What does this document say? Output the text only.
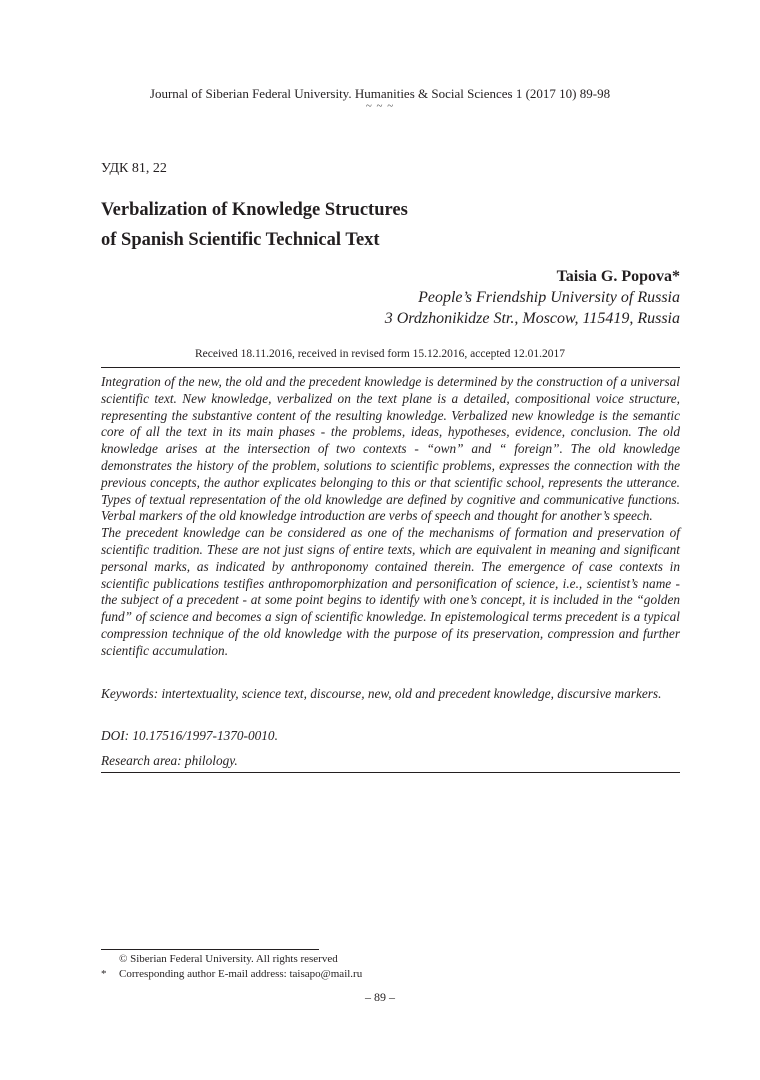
Journal of Siberian Federal University. Humanities & Social Sciences 1 (2017 10) 89-98
~ ~ ~
УДК 81, 22
Verbalization of Knowledge Structures
of Spanish Scientific Technical Text
Taisia G. Popova*
People’s Friendship University of Russia
3 Ordzhonikidze Str., Moscow, 115419, Russia
Received 18.11.2016, received in revised form 15.12.2016, accepted 12.01.2017

Integration of the new, the old and the precedent knowledge is determined by the construction of a universal scientific text. New knowledge, verbalized on the text plane is a detailed, compositional voice structure, representing the substantive content of the resulting knowledge. Verbalized new knowledge is the semantic core of all the text in its main phases - the problems, ideas, hypotheses, evidence, conclusion. The old knowledge arises at the intersection of two contexts - “own” and “ foreign”. The old knowledge demonstrates the history of the problem, solutions to scientific problems, expresses the connection with the previous concepts, the author explicates belonging to this or that scientific school, represents the utterance. Types of textual representation of the old knowledge are defined by cognitive and communicative functions. Verbal markers of the old knowledge introduction are verbs of speech and thought for another’s speech.

The precedent knowledge can be considered as one of the mechanisms of formation and preservation of scientific tradition. These are not just signs of entire texts, which are equivalent in meaning and significant personal marks, as indicated by anthroponomy contained therein. The emergence of case contexts in scientific publications testifies anthropomorphization and personification of science, i.e., scientist’s name - the subject of a precedent - at some point begins to identify with one’s concept, it is included in the “golden fund” of science and becomes a sign of scientific knowledge. In epistemological terms precedent is a typical compression technique of the old knowledge with the purpose of its preservation, compression and further scientific accumulation.

Keywords: intertextuality, science text, discourse, new, old and precedent knowledge, discursive markers.
DOI: 10.17516/1997-1370-0010.
Research area: philology.
© Siberian Federal University. All rights reserved
* Corresponding author E-mail address: taisapo@mail.ru
– 89 –
